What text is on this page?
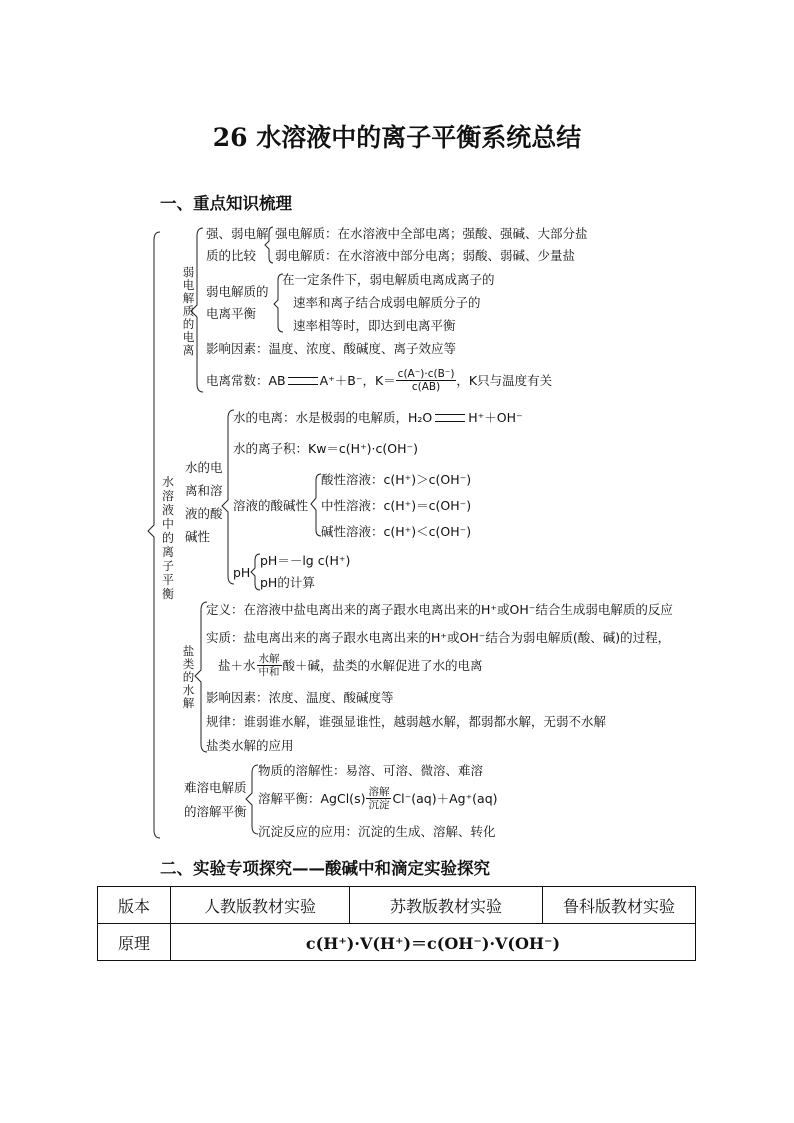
26 水溶液中的离子平衡系统总结
一、重点知识梳理
水溶液中的离子平衡
弱电解质的电离
强、弱电解
质的比较
强电解质：在水溶液中全部电离；强酸、强碱、大部分盐
弱电解质：在水溶液中部分电离；弱酸、弱碱、少量盐
弱电解质的
电离平衡
在一定条件下，弱电解质电离成离子的
速率和离子结合成弱电解质分子的
速率相等时，即达到电离平衡
影响因素：温度、浓度、酸碱度、离子效应等
电离常数：AB	A⁺＋B⁻，$K= \frac{c(A^-)\cdot c(B^-)}{c(AB)}$ ，K只与温度有关
水的电
离和溶
液的酸
碱性
水的电离：水是极弱的电解质，H₂O	H⁺＋OH⁻
水的离子积：Kw＝c(H⁺)·c(OH⁻)
溶液的酸碱性
酸性溶液：c(H⁺)＞c(OH⁻)
中性溶液：c(H⁺)＝c(OH⁻)
碱性溶液：c(H⁺)＜c(OH⁻)
pH
pH＝－lg c(H⁺)
pH的计算
盐类的水解
定义：在溶液中盐电离出来的离子跟水电离出来的H⁺或OH⁻结合生成弱电解质的反应
实质：盐电离出来的离子跟水电离出来的H⁺或OH⁻结合为弱电解质(酸、碱)的过程，
盐＋水 $\frac{\text{水解}}{\text{中和}}$ 酸＋碱，盐类的水解促进了水的电离
影响因素：浓度、温度、酸碱度等
规律：谁弱谁水解，谁强显谁性，越弱越水解，都弱都水解，无弱不水解
盐类水解的应用
难溶电解质
的溶解平衡
物质的溶解性：易溶、可溶、微溶、难溶
溶解平衡：AgCl(s) $\frac{\text{溶解}}{\text{沉淀}} Cl^-(aq)+Ag^+(aq)$
沉淀反应的应用：沉淀的生成、溶解、转化
二、实验专项探究——酸碱中和滴定实验探究
版本	人教版教材实验	苏教版教材实验	鲁科版教材实验
原理	c(H⁺)·V(H⁺)＝c(OH⁻)·V(OH⁻)		
